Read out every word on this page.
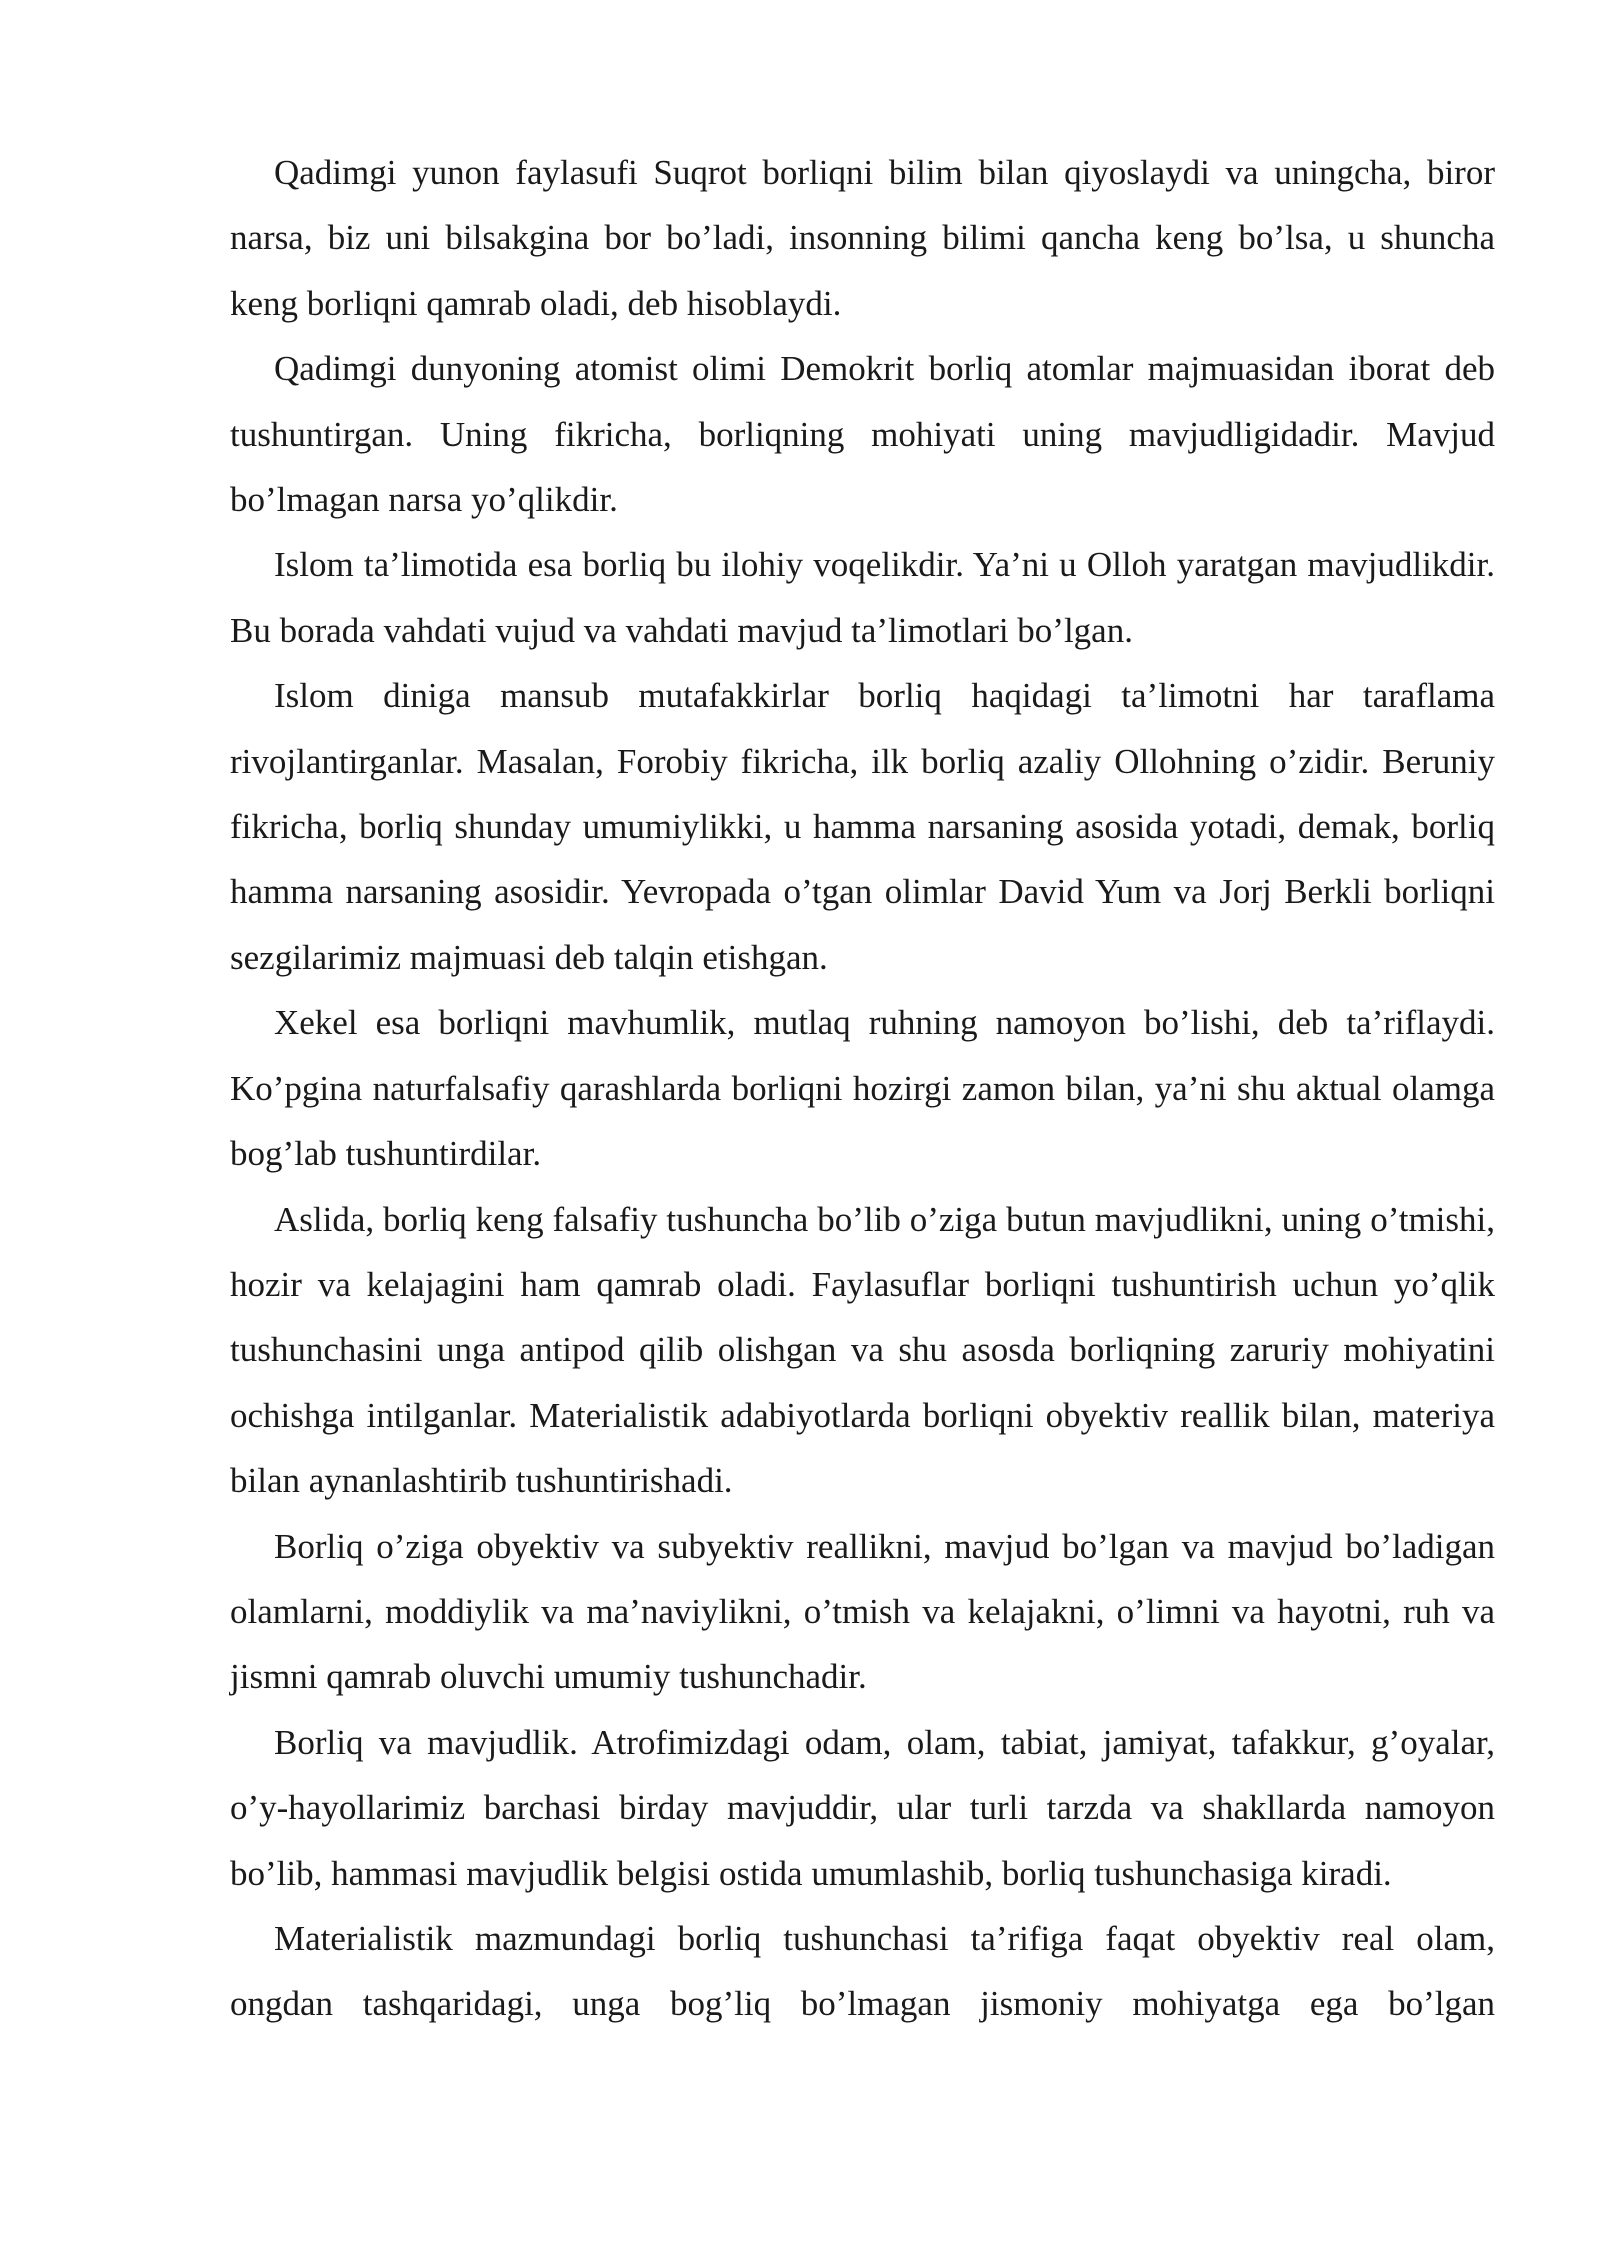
Qadimgi yunon faylasufi Suqrot borliqni bilim bilan qiyoslaydi va uningcha, biror narsa, biz uni bilsakgina bor bo’ladi, insonning bilimi qancha keng bo’lsa, u shuncha keng borliqni qamrab oladi, deb hisoblaydi.

Qadimgi dunyoning atomist olimi Demokrit borliq atomlar majmuasidan iborat deb tushuntirgan. Uning fikricha, borliqning mohiyati uning mavjudligidadir. Mavjud bo’lmagan narsa yo’qlikdir.

Islom ta’limotida esa borliq bu ilohiy voqelikdir. Ya’ni u Olloh yaratgan mavjudlikdir. Bu borada vahdati vujud va vahdati mavjud ta’limotlari bo’lgan.

Islom diniga mansub mutafakkirlar borliq haqidagi ta’limotni har taraflama rivojlantirganlar. Masalan, Forobiy fikricha, ilk borliq azaliy Ollohning o’zidir. Beruniy fikricha, borliq shunday umumiylikki, u hamma narsaning asosida yotadi, demak, borliq hamma narsaning asosidir. Yevropada o’tgan olimlar David Yum va Jorj Berkli borliqni sezgilarimiz majmuasi deb talqin etishgan.

Xekel esa borliqni mavhumlik, mutlaq ruhning namoyon bo’lishi, deb ta’riflaydi. Ko’pgina naturfalsafiy qarashlarda borliqni hozirgi zamon bilan, ya’ni shu aktual olamga bog’lab tushuntirdilar.

Aslida, borliq keng falsafiy tushuncha bo’lib o’ziga butun mavjudlikni, uning o’tmishi, hozir va kelajagini ham qamrab oladi. Faylasuflar borliqni tushuntirish uchun yo’qlik tushunchasini unga antipod qilib olishgan va shu asosda borliqning zaruriy mohiyatini ochishga intilganlar. Materialistik adabiyotlarda borliqni obyektiv reallik bilan, materiya bilan aynanlashtirib tushuntirishadi.

Borliq o’ziga obyektiv va subyektiv reallikni, mavjud bo’lgan va mavjud bo’ladigan olamlarni, moddiylik va ma’naviylikni, o’tmish va kelajakni, o’limni va hayotni, ruh va jismni qamrab oluvchi umumiy tushunchadir.

Borliq va mavjudlik. Atrofimizdagi odam, olam, tabiat, jamiyat, tafakkur, g’oyalar, o’y-hayollarimiz barchasi birday mavjuddir, ular turli tarzda va shakllarda namoyon bo’lib, hammasi mavjudlik belgisi ostida umumlashib, borliq tushunchasiga kiradi.

Materialistik mazmundagi borliq tushunchasi ta’rifiga faqat obyektiv real olam, ongdan tashqaridagi, unga bog’liq bo’lmagan jismoniy mohiyatga ega bo’lgan
